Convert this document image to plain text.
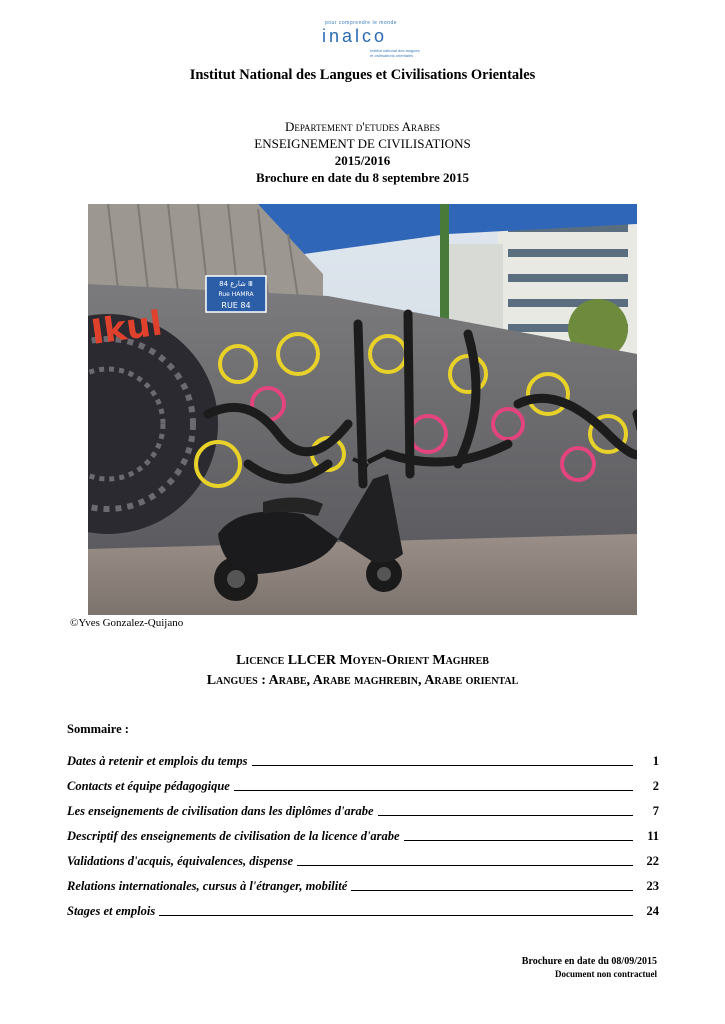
pour comprendre le monde
inalco
Institut national des langues et civilisations orientales
Institut National des Langues et Civilisations Orientales
Departement d'etudes Arabes
ENSEIGNEMENT DE CIVILISATIONS
2015/2016
Brochure en date du 8 septembre 2015
Ikul
شارع 84 Ⅲ
Rue HAMRA
RUE 84
©Yves Gonzalez-Quijano
Licence LLCER Moyen-Orient Maghreb
Langues : Arabe, Arabe maghrebin, Arabe oriental
Sommaire :
Dates à retenir et emplois du temps	1
Contacts et équipe pédagogique	2
Les enseignements de civilisation dans les diplômes d'arabe	7
Descriptif des enseignements de civilisation de la licence d'arabe	11
Validations d'acquis, équivalences, dispense	22
Relations internationales, cursus à l'étranger, mobilité	23
Stages et emplois	24
Brochure en date du 08/09/2015
Document non contractuel
